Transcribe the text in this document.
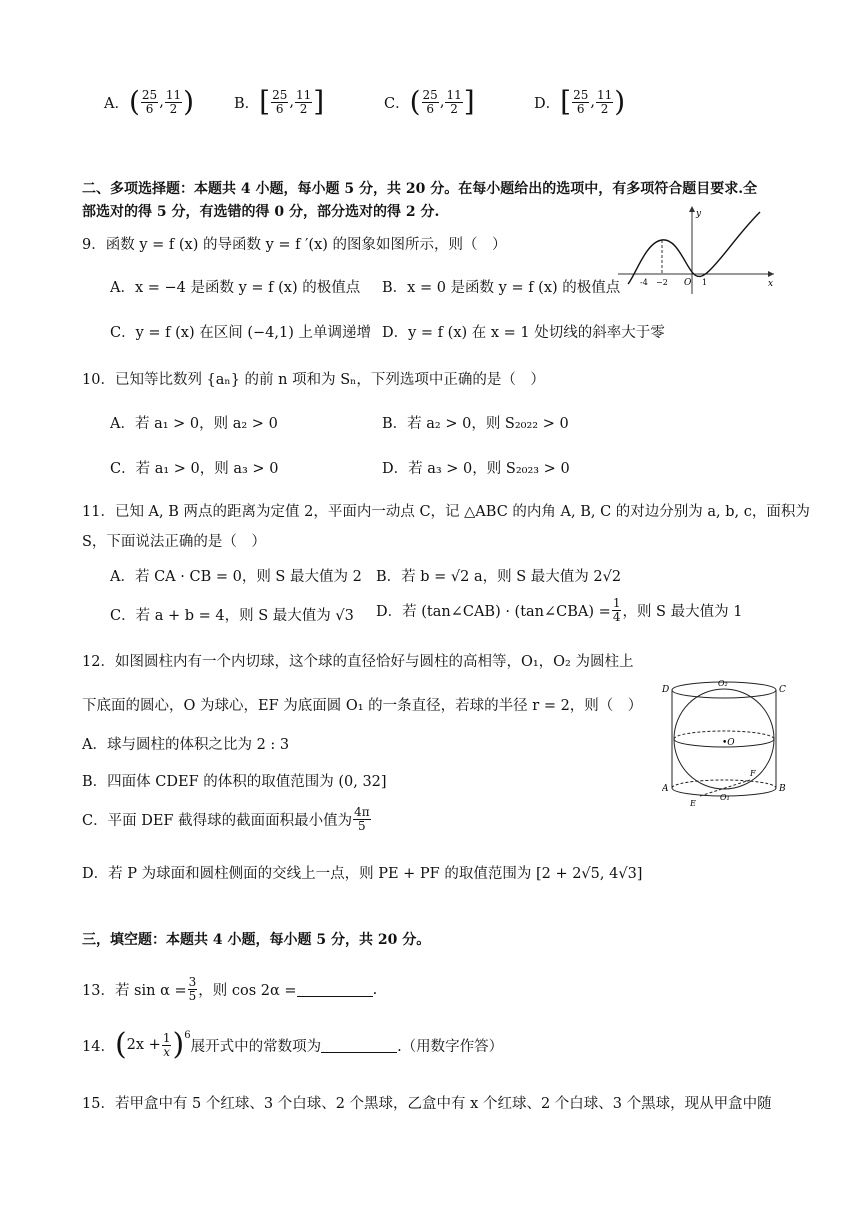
A． ( $\frac{25}{6}$ , $\frac{11}{2}$ )	B． [ $\frac{25}{6}$ , $\frac{11}{2}$ ]	C． ( $\frac{25}{6}$ , $\frac{11}{2}$ ]	D． [ $\frac{25}{6}$ , $\frac{11}{2}$ )
二、多项选择题：本题共 4 小题，每小题 5 分，共 20 分。在每小题给出的选项中，有多项符合题目要求.全
部选对的得 5 分，有选错的得 0 分，部分选对的得 2 分.
9．函数 y = f (x) 的导函数 y = f ′(x) 的图象如图所示，则（　）
A．x = −4 是函数 y = f (x) 的极值点 B．x = 0 是函数 y = f (x) 的极值点
C．y = f (x) 在区间 (−4,1) 上单调递增 D．y = f (x) 在 x = 1 处切线的斜率大于零
y
x
O
-4 −2	1
10．已知等比数列 {aₙ} 的前 n 项和为 Sₙ，下列选项中正确的是（　）
A．若 a₁ > 0，则 a₂ > 0	B．若 a₂ > 0，则 S₂₀₂₂ > 0
C．若 a₁ > 0，则 a₃ > 0	D．若 a₃ > 0，则 S₂₀₂₃ > 0
11．已知 A, B 两点的距离为定值 2，平面内一动点 C，记 △ABC 的内角 A, B, C 的对边分别为 a, b, c，面积为
S，下面说法正确的是（　）
A．若 CA · CB = 0，则 S 最大值为 2 B．若 b = √2 a，则 S 最大值为 2√2
C．若 a + b = 4，则 S 最大值为 √3 D．若 (tan∠CAB) · (tan∠CBA) = $\frac{1}{4}$ ，则 S 最大值为 1
12．如图圆柱内有一个内切球，这个球的直径恰好与圆柱的高相等，O₁，O₂ 为圆柱上
下底面的圆心，O 为球心，EF 为底面圆 O₁ 的一条直径，若球的半径 r = 2，则（　）
A．球与圆柱的体积之比为 2 : 3
B．四面体 CDEF 的体积的取值范围为 (0, 32]
C．平面 DEF 截得球的截面面积最小值为 $\frac{4\pi}{5}$
D．若 P 为球面和圆柱侧面的交线上一点，则 PE + PF 的取值范围为 [2 + 2√5, 4√3]
D	C
O₂
•O
A	B
F
E
O₁
三，填空题：本题共 4 小题，每小题 5 分，共 20 分。
13．若 $\sin \alpha = \frac{3}{5}$ ，则 cos 2α =	.
14． ( $2x + \frac{1}{x} )^6$
展开式中的常数项为	.（用数字作答）
15．若甲盒中有 5 个红球、3 个白球、2 个黑球，乙盒中有 x 个红球、2 个白球、3 个黑球，现从甲盒中随
